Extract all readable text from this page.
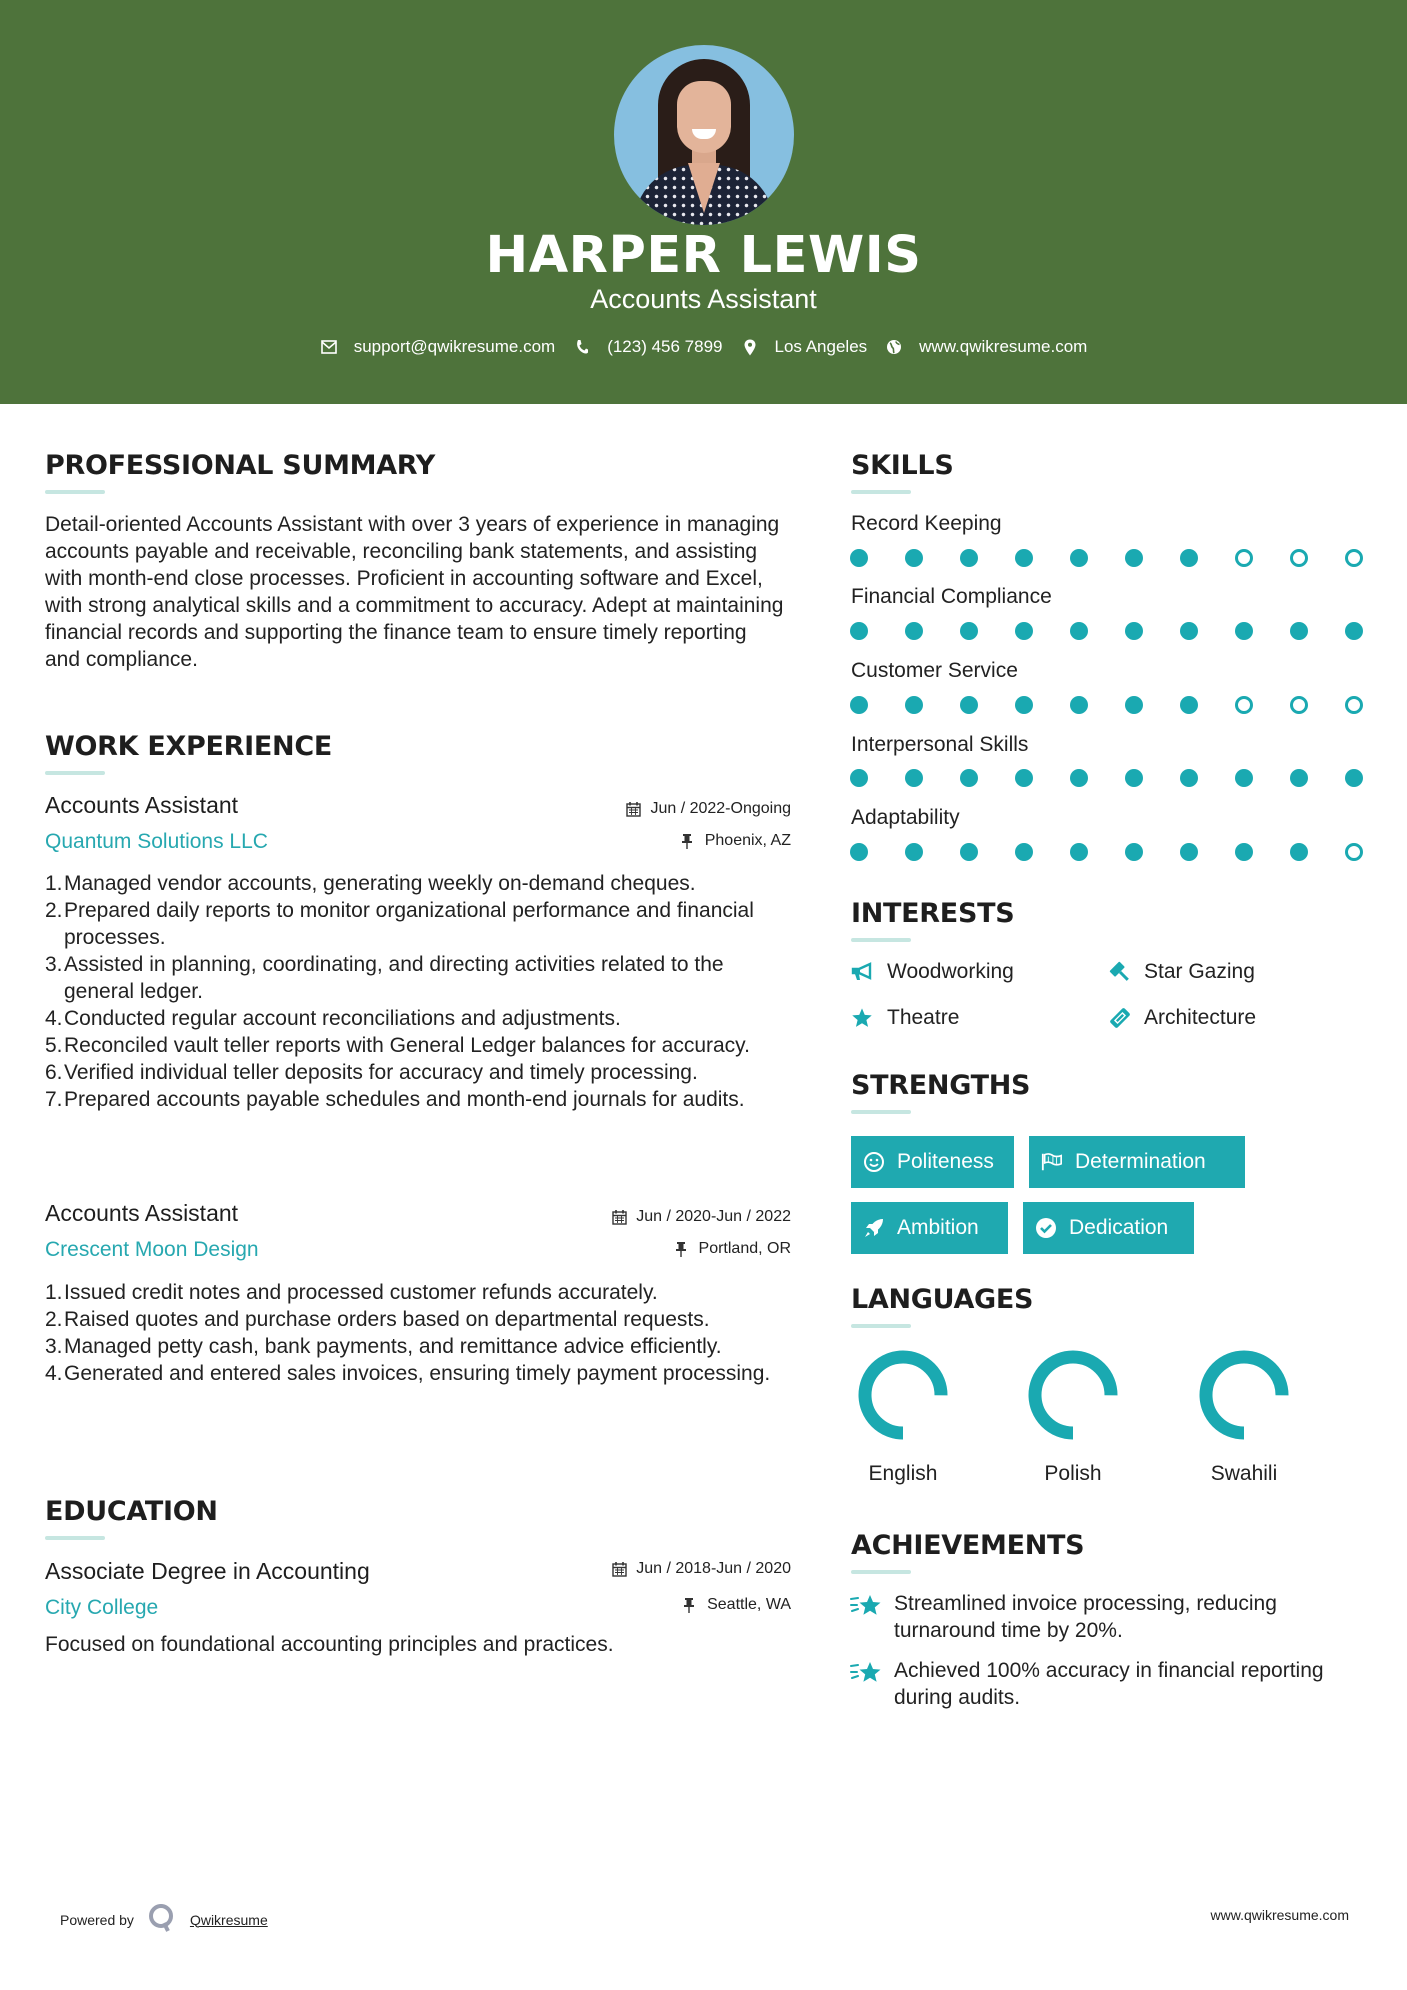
HARPER LEWIS
Accounts Assistant
support@qwikresume.com	(123) 456 7899	Los Angeles	www.qwikresume.com
PROFESSIONAL SUMMARY
Detail-oriented Accounts Assistant with over 3 years of experience in managing accounts payable and receivable, reconciling bank statements, and assisting with month-end close processes. Proficient in accounting software and Excel, with strong analytical skills and a commitment to accuracy. Adept at maintaining financial records and supporting the finance team to ensure timely reporting and compliance.
WORK EXPERIENCE
Accounts Assistant	Jun / 2022-Ongoing
Quantum Solutions LLC	Phoenix, AZ
1. Managed vendor accounts, generating weekly on-demand cheques.
2. Prepared daily reports to monitor organizational performance and financial processes.
3. Assisted in planning, coordinating, and directing activities related to the general ledger.
4. Conducted regular account reconciliations and adjustments.
5. Reconciled vault teller reports with General Ledger balances for accuracy.
6. Verified individual teller deposits for accuracy and timely processing.
7. Prepared accounts payable schedules and month-end journals for audits.
Accounts Assistant	Jun / 2020-Jun / 2022
Crescent Moon Design	Portland, OR
1. Issued credit notes and processed customer refunds accurately.
2. Raised quotes and purchase orders based on departmental requests.
3. Managed petty cash, bank payments, and remittance advice efficiently.
4. Generated and entered sales invoices, ensuring timely payment processing.
EDUCATION
Associate Degree in Accounting	Jun / 2018-Jun / 2020
City College	Seattle, WA
Focused on foundational accounting principles and practices.
SKILLS
Record Keeping
Financial Compliance
Customer Service
Interpersonal Skills
Adaptability
INTERESTS
Woodworking	Star Gazing
Theatre	Architecture
STRENGTHS
Politeness	Determination
Ambition	Dedication
LANGUAGES
English	Polish	Swahili
ACHIEVEMENTS
Streamlined invoice processing, reducing turnaround time by 20%.
Achieved 100% accuracy in financial reporting during audits.
Powered by	Qwikresume	www.qwikresume.com
